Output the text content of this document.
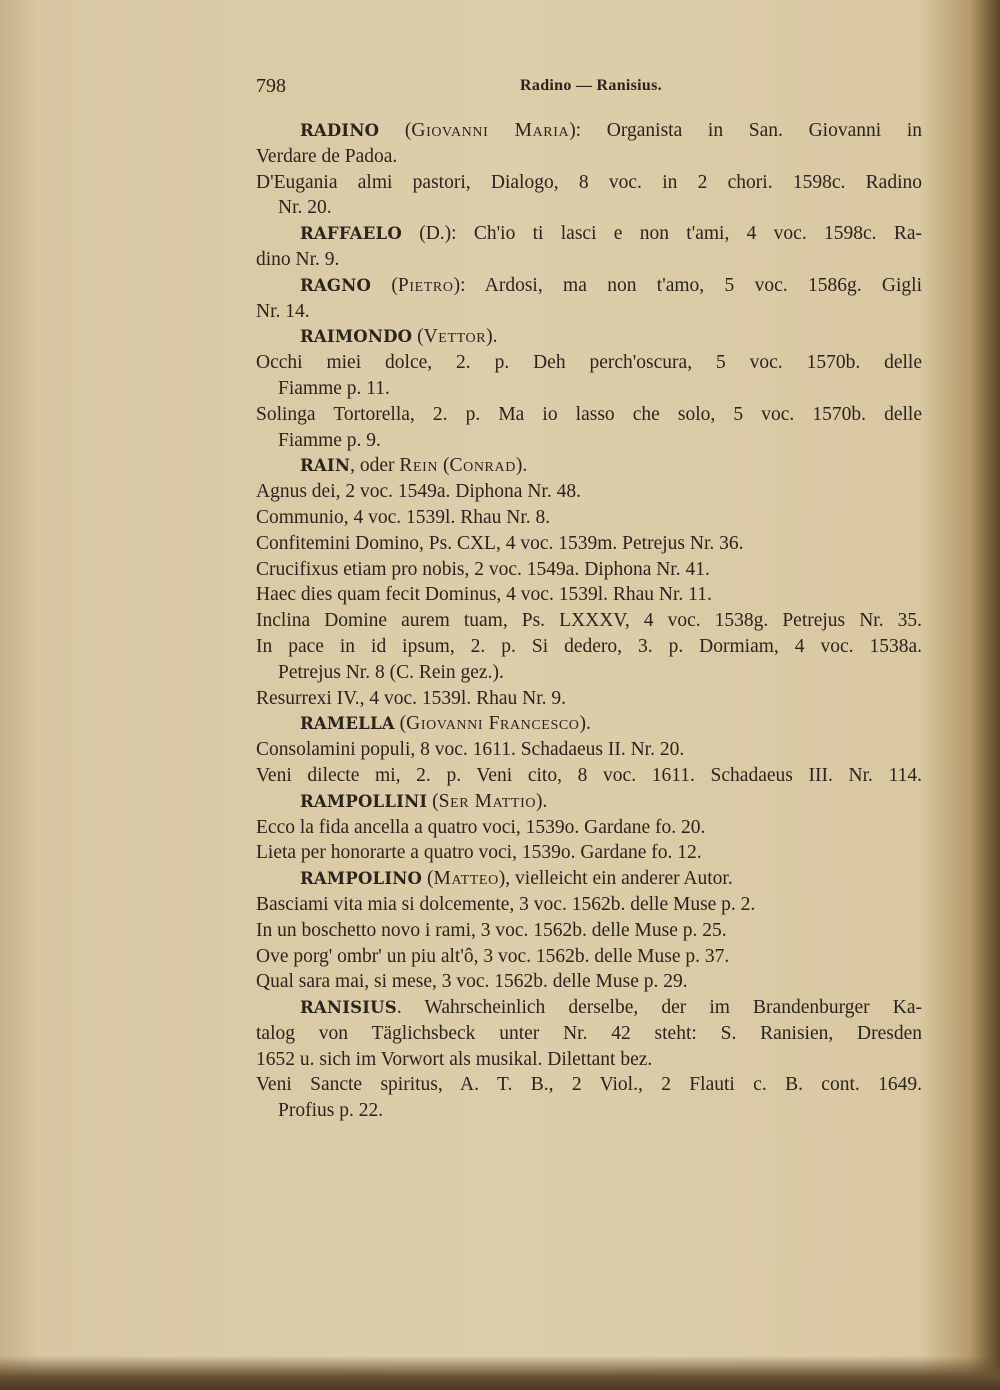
798	Radino — Ranisius.
RADINO (Giovanni Maria): Organista in San. Giovanni in
Verdare de Padoa.
D'Eugania almi pastori, Dialogo, 8 voc. in 2 chori. 1598c. Radino
Nr. 20.
RAFFAELO (D.): Ch'io ti lasci e non t'ami, 4 voc. 1598c. Ra-
dino Nr. 9.
RAGNO (Pietro): Ardosi, ma non t'amo, 5 voc. 1586g. Gigli
Nr. 14.
RAIMONDO (Vettor).
Occhi miei dolce, 2. p. Deh perch'oscura, 5 voc. 1570b. delle
Fiamme p. 11.
Solinga Tortorella, 2. p. Ma io lasso che solo, 5 voc. 1570b. delle
Fiamme p. 9.
RAIN, oder Rein (Conrad).
Agnus dei, 2 voc. 1549a. Diphona Nr. 48.
Communio, 4 voc. 1539l. Rhau Nr. 8.
Confitemini Domino, Ps. CXL, 4 voc. 1539m. Petrejus Nr. 36.
Crucifixus etiam pro nobis, 2 voc. 1549a. Diphona Nr. 41.
Haec dies quam fecit Dominus, 4 voc. 1539l. Rhau Nr. 11.
Inclina Domine aurem tuam, Ps. LXXXV, 4 voc. 1538g. Petrejus Nr. 35.
In pace in id ipsum, 2. p. Si dedero, 3. p. Dormiam, 4 voc. 1538a.
Petrejus Nr. 8 (C. Rein gez.).
Resurrexi IV., 4 voc. 1539l. Rhau Nr. 9.
RAMELLA (Giovanni Francesco).
Consolamini populi, 8 voc. 1611. Schadaeus II. Nr. 20.
Veni dilecte mi, 2. p. Veni cito, 8 voc. 1611. Schadaeus III. Nr. 114.
RAMPOLLINI (Ser Mattio).
Ecco la fida ancella a quatro voci, 1539o. Gardane fo. 20.
Lieta per honorarte a quatro voci, 1539o. Gardane fo. 12.
RAMPOLINO (Matteo), vielleicht ein anderer Autor.
Basciami vita mia si dolcemente, 3 voc. 1562b. delle Muse p. 2.
In un boschetto novo i rami, 3 voc. 1562b. delle Muse p. 25.
Ove porg' ombr' un piu alt'ô, 3 voc. 1562b. delle Muse p. 37.
Qual sara mai, si mese, 3 voc. 1562b. delle Muse p. 29.
RANISIUS. Wahrscheinlich derselbe, der im Brandenburger Ka-
talog von Täglichsbeck unter Nr. 42 steht: S. Ranisien, Dresden
1652 u. sich im Vorwort als musikal. Dilettant bez.
Veni Sancte spiritus, A. T. B., 2 Viol., 2 Flauti c. B. cont. 1649.
Profius p. 22.
